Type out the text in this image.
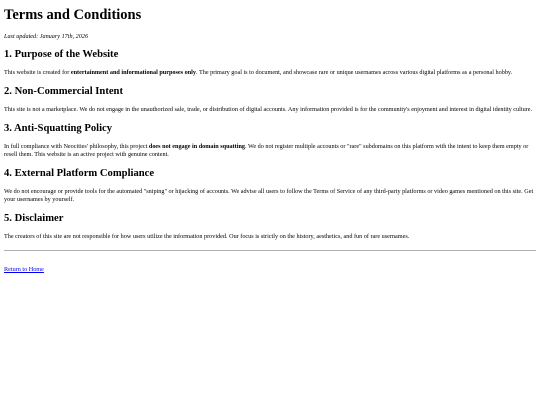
Terms and Conditions
Last updated: January 17th, 2026
1. Purpose of the Website

This website is created for entertainment and informational purposes only. The primary goal is to document, and showcase rare or unique usernames across various digital platforms as a personal hobby.

2. Non-Commercial Intent

This site is not a marketplace. We do not engage in the unauthorized sale, trade, or distribution of digital accounts. Any information provided is for the community's enjoyment and interest in digital identity culture.

3. Anti-Squatting Policy

In full compliance with Neocities' philosophy, this project does not engage in domain squatting. We do not register multiple accounts or "rare" subdomains on this platform with the intent to keep them empty or resell them. This website is an active project with genuine content.

4. External Platform Compliance

We do not encourage or provide tools for the automated "sniping" or hijacking of accounts. We advise all users to follow the Terms of Service of any third-party platforms or video games mentioned on this site. Get your usernames by yourself.

5. Disclaimer

The creators of this site are not responsible for how users utilize the information provided. Our focus is strictly on the history, aesthetics, and fun of rare usernames.

Return to Home
